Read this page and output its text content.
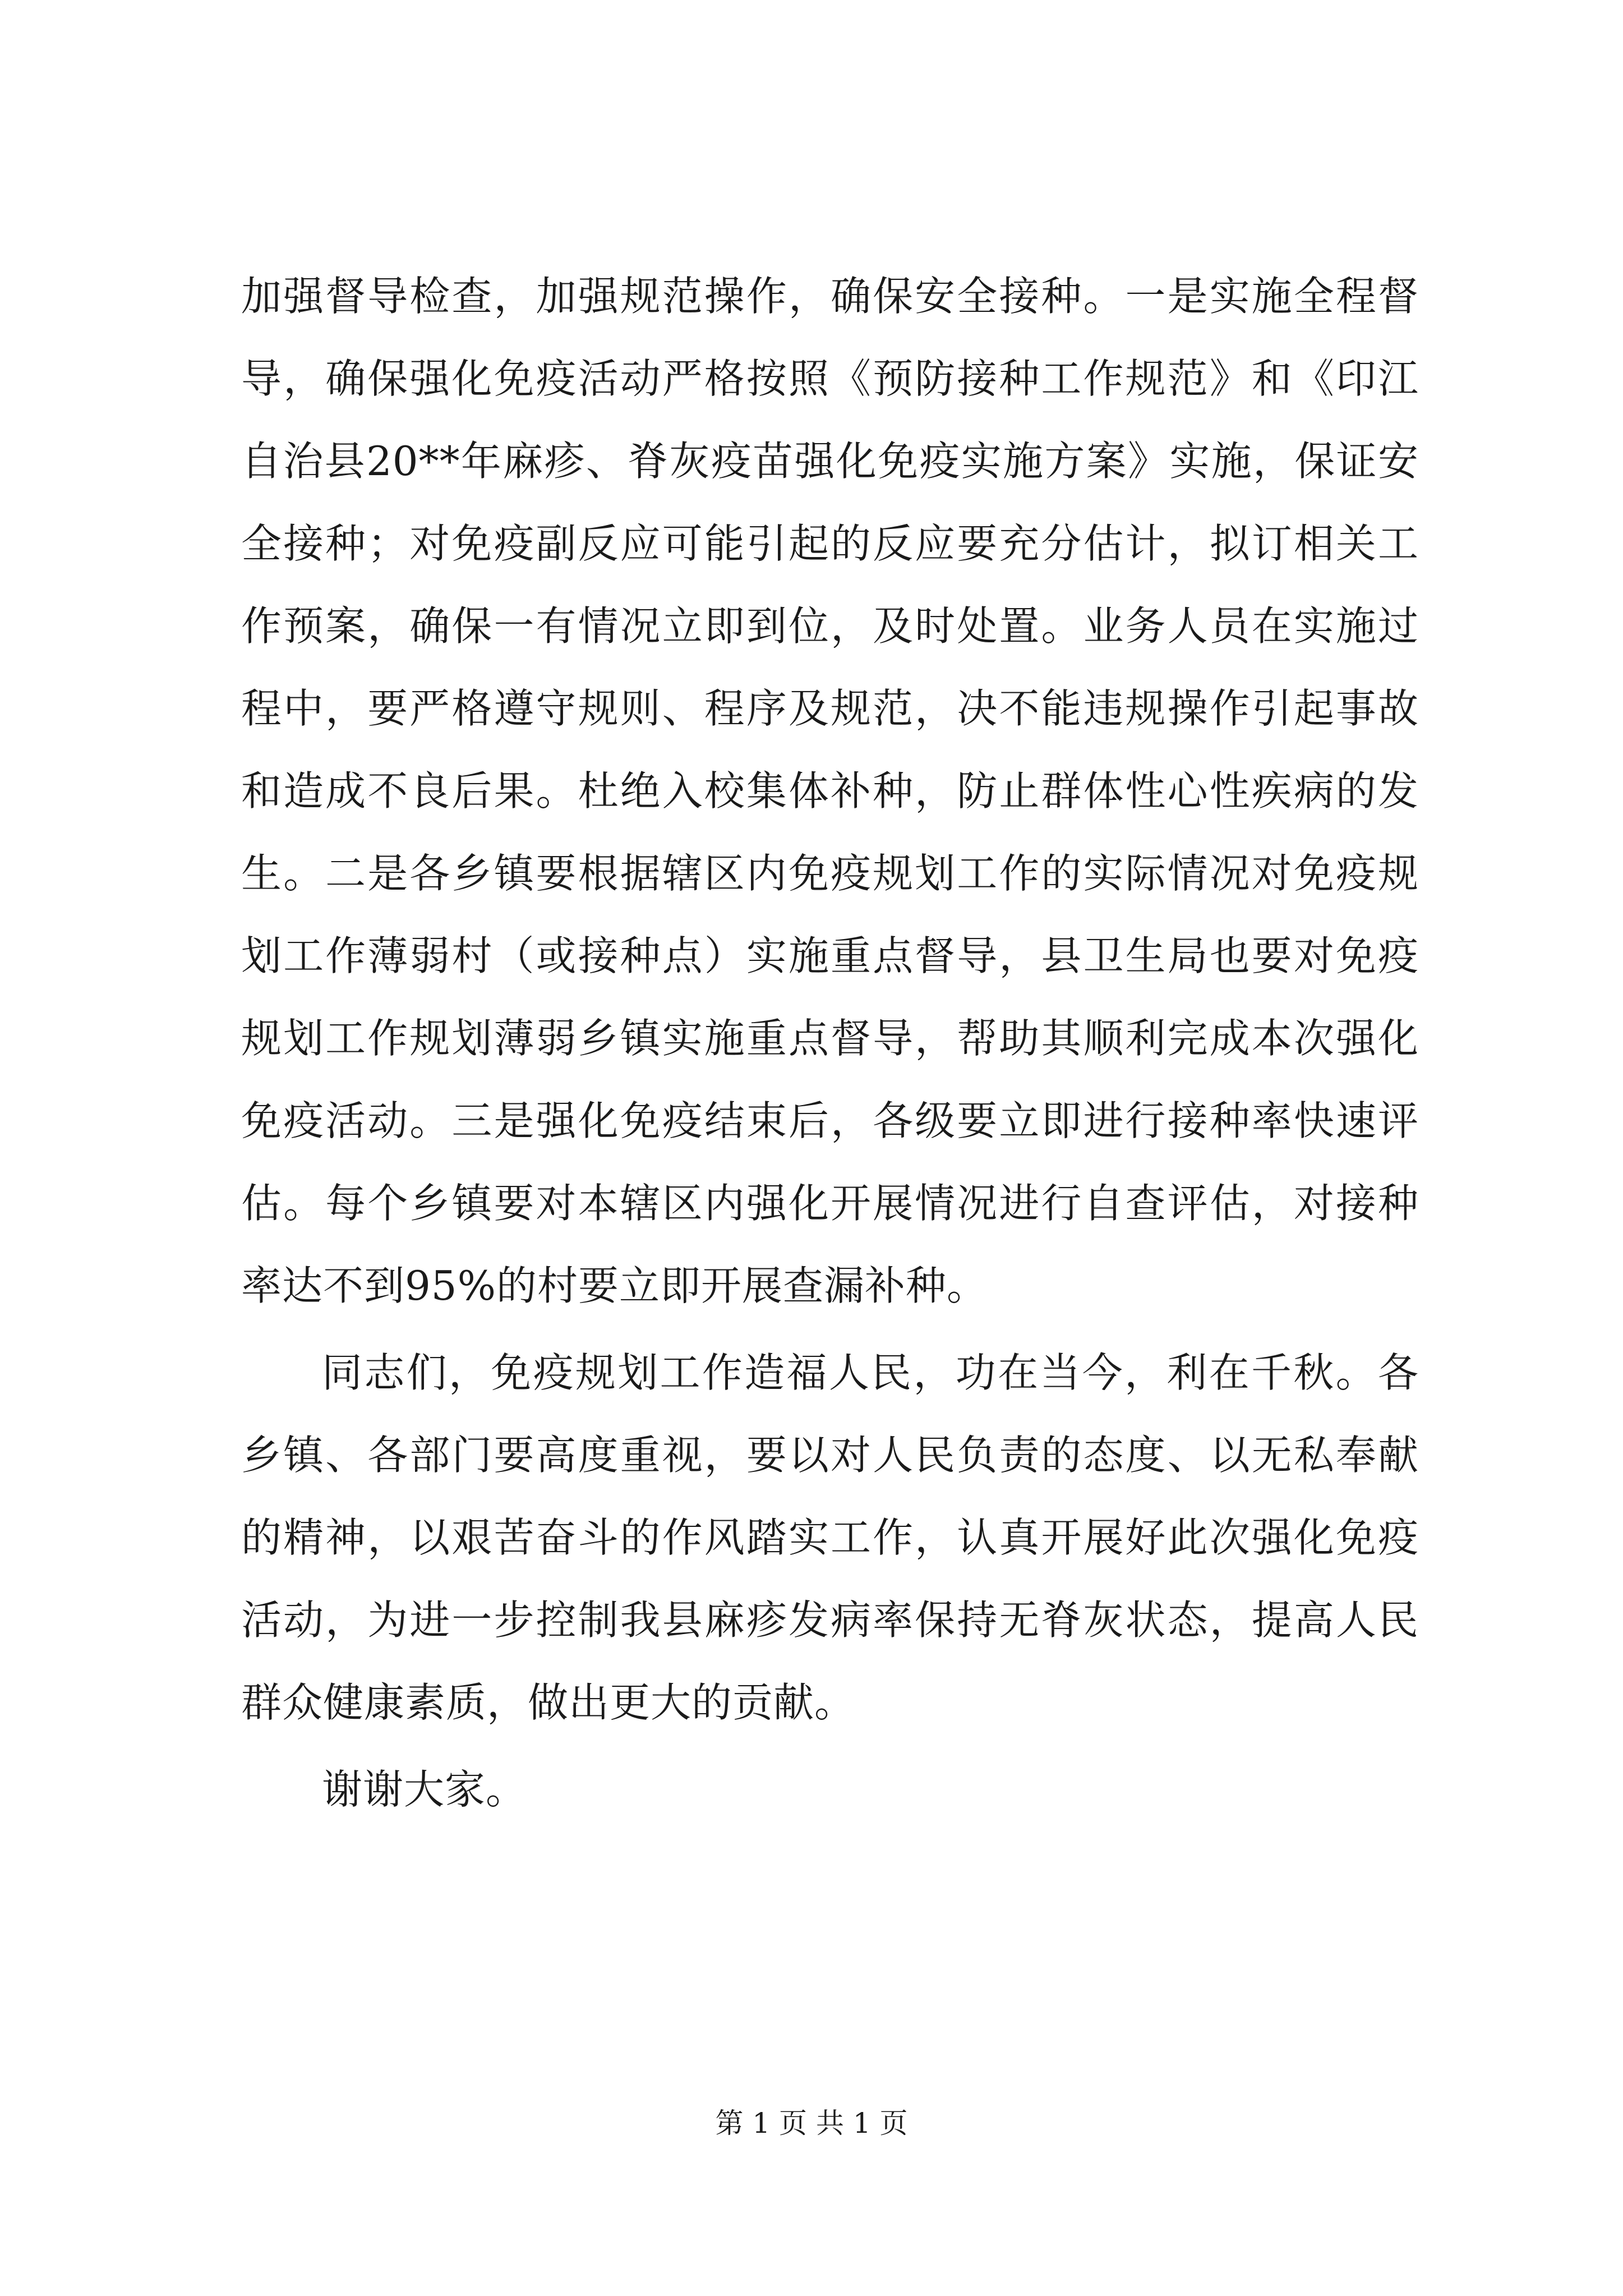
加强督导检查，加强规范操作，确保安全接种。一是实施全程督导，确保强化免疫活动严格按照《预防接种工作规范》和《印江自治县20**年麻疹、脊灰疫苗强化免疫实施方案》实施，保证安全接种；对免疫副反应可能引起的反应要充分估计，拟订相关工作预案，确保一有情况立即到位，及时处置。业务人员在实施过程中，要严格遵守规则、程序及规范，决不能违规操作引起事故和造成不良后果。杜绝入校集体补种，防止群体性心性疾病的发生。二是各乡镇要根据辖区内免疫规划工作的实际情况对免疫规划工作薄弱村（或接种点）实施重点督导，县卫生局也要对免疫规划工作规划薄弱乡镇实施重点督导，帮助其顺利完成本次强化免疫活动。三是强化免疫结束后，各级要立即进行接种率快速评估。每个乡镇要对本辖区内强化开展情况进行自查评估，对接种率达不到95%的村要立即开展查漏补种。

同志们，免疫规划工作造福人民，功在当今，利在千秋。各乡镇、各部门要高度重视，要以对人民负责的态度、以无私奉献的精神，以艰苦奋斗的作风踏实工作，认真开展好此次强化免疫活动，为进一步控制我县麻疹发病率保持无脊灰状态，提高人民群众健康素质，做出更大的贡献。

谢谢大家。

第 1 页 共 1 页
